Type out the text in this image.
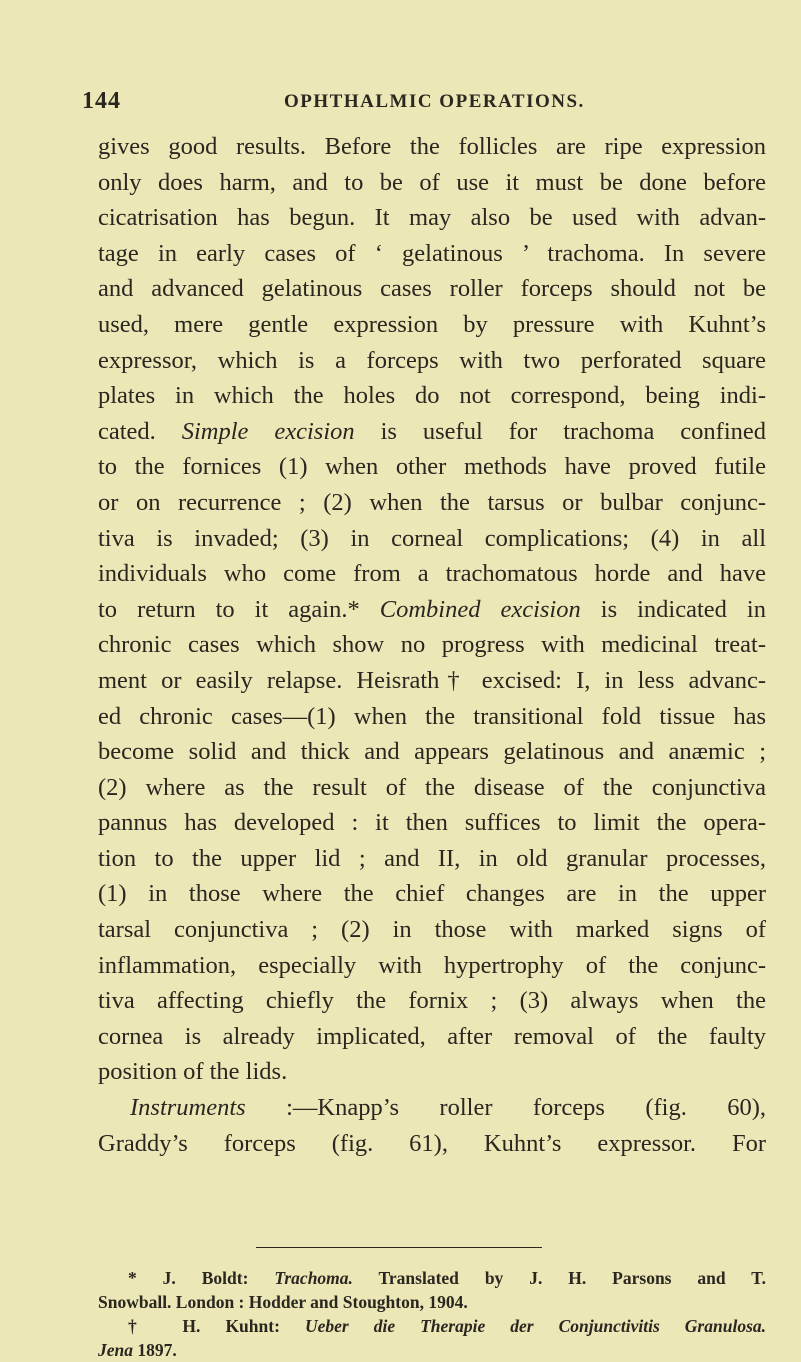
144	OPHTHALMIC OPERATIONS.
gives good results. Before the follicles are ripe expression
only does harm, and to be of use it must be done before
cicatrisation has begun. It may also be used with advan-
tage in early cases of ‘ gelatinous ’ trachoma. In severe
and advanced gelatinous cases roller forceps should not be
used, mere gentle expression by pressure with Kuhnt’s
expressor, which is a forceps with two perforated square
plates in which the holes do not correspond, being indi-
cated. Simple excision is useful for trachoma confined
to the fornices (1) when other methods have proved futile
or on recurrence ; (2) when the tarsus or bulbar conjunc-
tiva is invaded; (3) in corneal complications; (4) in all
individuals who come from a trachomatous horde and have
to return to it again.* Combined excision is indicated in
chronic cases which show no progress with medicinal treat-
ment or easily relapse. Heisrath† excised: I, in less advanc-
ed chronic cases—(1) when the transitional fold tissue has
become solid and thick and appears gelatinous and anæmic ;
(2) where as the result of the disease of the conjunctiva
pannus has developed : it then suffices to limit the opera-
tion to the upper lid ; and II, in old granular processes,
(1) in those where the chief changes are in the upper
tarsal conjunctiva ; (2) in those with marked signs of
inflammation, especially with hypertrophy of the conjunc-
tiva affecting chiefly the fornix ; (3) always when the
cornea is already implicated, after removal of the faulty
position of the lids.
Instruments :—Knapp’s roller forceps (fig. 60),
Graddy’s forceps (fig. 61), Kuhnt’s expressor. For
* J. Boldt: Trachoma. Translated by J. H. Parsons and T.
Snowball. London : Hodder and Stoughton, 1904.
† H. Kuhnt: Ueber die Therapie der Conjunctivitis Granulosa.
Jena 1897.
